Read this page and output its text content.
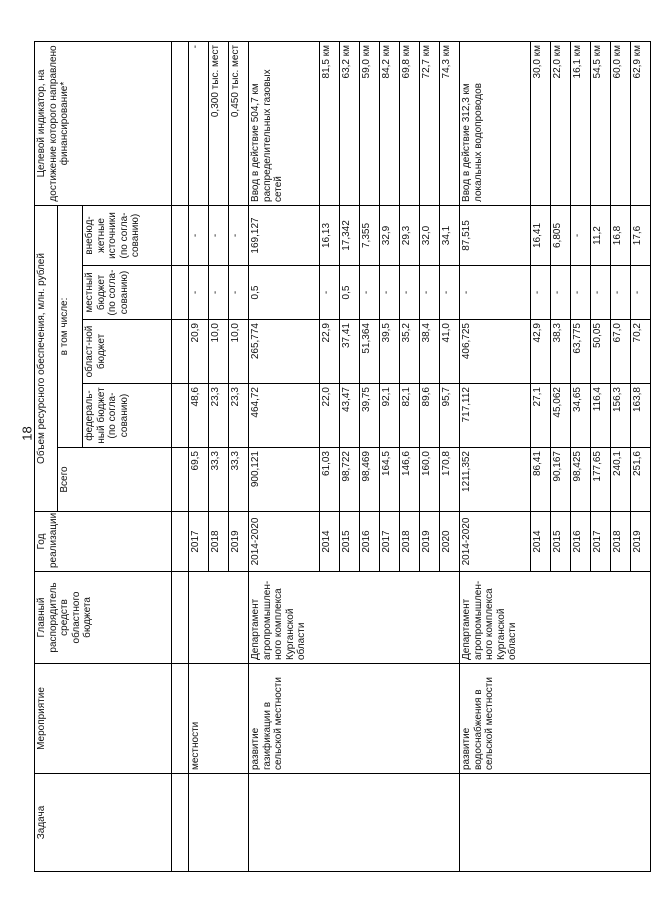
18
Задача	Мероприятие	Главный распорядитель средств областного бюджета	Год реализации	Объем ресурсного обеспечения, млн. рублей					Целевой индикатор, на достижение которого направлено финансирование*
				Всего	в том числе:				
					федераль-ный бюджет (по согла-сованию)	област-ной бюджет	местный бюджет (по согла-сованию)	внебюд-жетные источники (по согла-сованию)	

	местности		2017	69,5	48,6	20,9	-	-	-
			2018	33,3	23,3	10,0	-	-	0,300 тыс. мест
			2019	33,3	23,3	10,0	-	-	0,450 тыс. мест
	развитие газификации в сельской местности	Департамент агропромышлен-ного комплекса Курганской области	2014-2020	900,121	464,72	265,774	0,5	169,127	Ввод в действие 504,7 км распределительных газовых сетей
			2014	61,03	22,0	22,9	-	16,13	81,5 км
			2015	98,722	43,47	37,41	0,5	17,342	63,2 км
			2016	98,469	39,75	51,364	-	7,355	59,0 км
			2017	164,5	92,1	39,5	-	32,9	84,2 км
			2018	146,6	82,1	35,2	-	29,3	69,8 км
			2019	160,0	89,6	38,4	-	32,0	72,7 км
			2020	170,8	95,7	41,0	-	34,1	74,3 км
	развитие водоснабжения в сельской местности	Департамент агропромышлен-ного комплекса Курганской области	2014-2020	1211,352	717,112	406,725	-	87,515	Ввод в действие 312,3 км локальных водопроводов
			2014	86,41	27,1	42,9	-	16,41	30,0 км
			2015	90,167	45,062	38,3	-	6,805	22,0 км
			2016	98,425	34,65	63,775	-	-	16,1 км
			2017	177,65	116,4	50,05	-	11,2	54,5 км
			2018	240,1	156,3	67,0	-	16,8	60,0 км
			2019	251,6	163,8	70,2	-	17,6	62,9 км
